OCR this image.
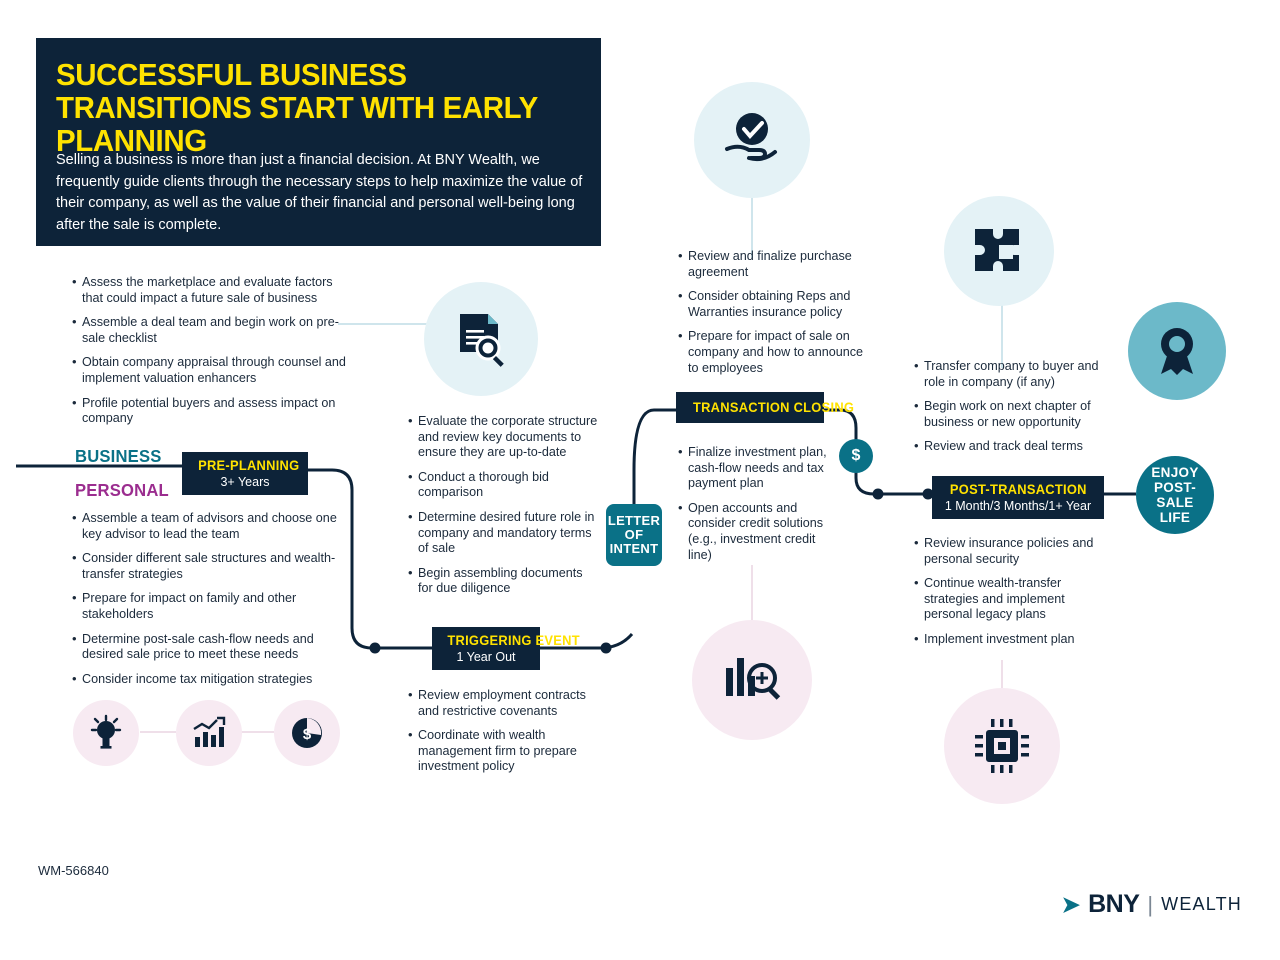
SUCCESSFUL BUSINESS TRANSITIONS START WITH EARLY PLANNING
Selling a business is more than just a financial decision. At BNY Wealth, we frequently guide clients through the necessary steps to help maximize the value of their company, as well as the value of their financial and personal well-being long after the sale is complete.
BUSINESS
PERSONAL
PRE-PLANNING
3+ Years
TRIGGERING EVENT
1 Year Out
TRANSACTION CLOSING
POST-TRANSACTION
1 Month/3 Months/1+ Year
LETTER OF INTENT
$
ENJOY POST-SALE LIFE
$
• Assess the marketplace and evaluate factors that could impact a future sale of business
• Assemble a deal team and begin work on pre-sale checklist
• Obtain company appraisal through counsel and implement valuation enhancers
• Profile potential buyers and assess impact on company
• Assemble a team of advisors and choose one key advisor to lead the team
• Consider different sale structures and wealth-transfer strategies
• Prepare for impact on family and other stakeholders
• Determine post-sale cash-flow needs and desired sale price to meet these needs
• Consider income tax mitigation strategies
• Evaluate the corporate structure and review key documents to ensure they are up-to-date
• Conduct a thorough bid comparison
• Determine desired future role in company and mandatory terms of sale
• Begin assembling documents for due diligence
• Review employment contracts and restrictive covenants
• Coordinate with wealth management firm to prepare investment policy
• Review and finalize purchase agreement
• Consider obtaining Reps and Warranties insurance policy
• Prepare for impact of sale on company and how to announce to employees
• Finalize investment plan, cash-flow needs and tax payment plan
• Open accounts and consider credit solutions (e.g., investment credit line)
• Transfer company to buyer and role in company (if any)
• Begin work on next chapter of business or new opportunity
• Review and track deal terms
• Review insurance policies and personal security
• Continue wealth-transfer strategies and implement personal legacy plans
• Implement investment plan
WM-566840
➤ BNY | WEALTH
